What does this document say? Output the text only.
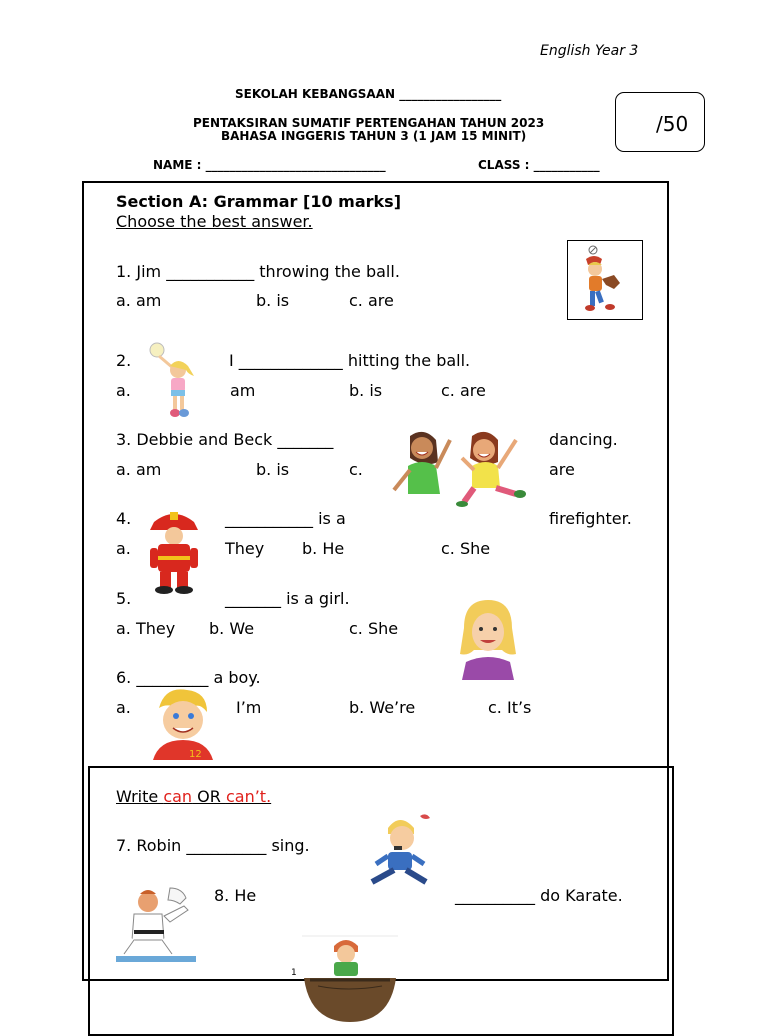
English Year 3
SEKOLAH KEBANGSAAN _________________
PENTAKSIRAN SUMATIF PERTENGAHAN TAHUN 2023
BAHASA INGGERIS TAHUN 3 (1 JAM 15 MINIT)
NAME : ______________________________	CLASS : ___________
/50
Section A: Grammar [10 marks]
Choose the best answer.
1. Jim ___________ throwing the ball.
a. am	b. is	c. are
2.	I _____________ hitting the ball.
a.	am	b. is	c. are
3. Debbie and Beck _______	dancing.
a. am	b. is	c.	are
4.	___________ is a	firefighter.
a.	They b. He	c. She
5.	_______ is a girl.
a. They b. We	c. She
6. _________ a boy.
a.	I’m	b. We’re	c. It’s
12
Write can OR can’t.
7. Robin __________ sing.
8. He	__________ do Karate.
1
